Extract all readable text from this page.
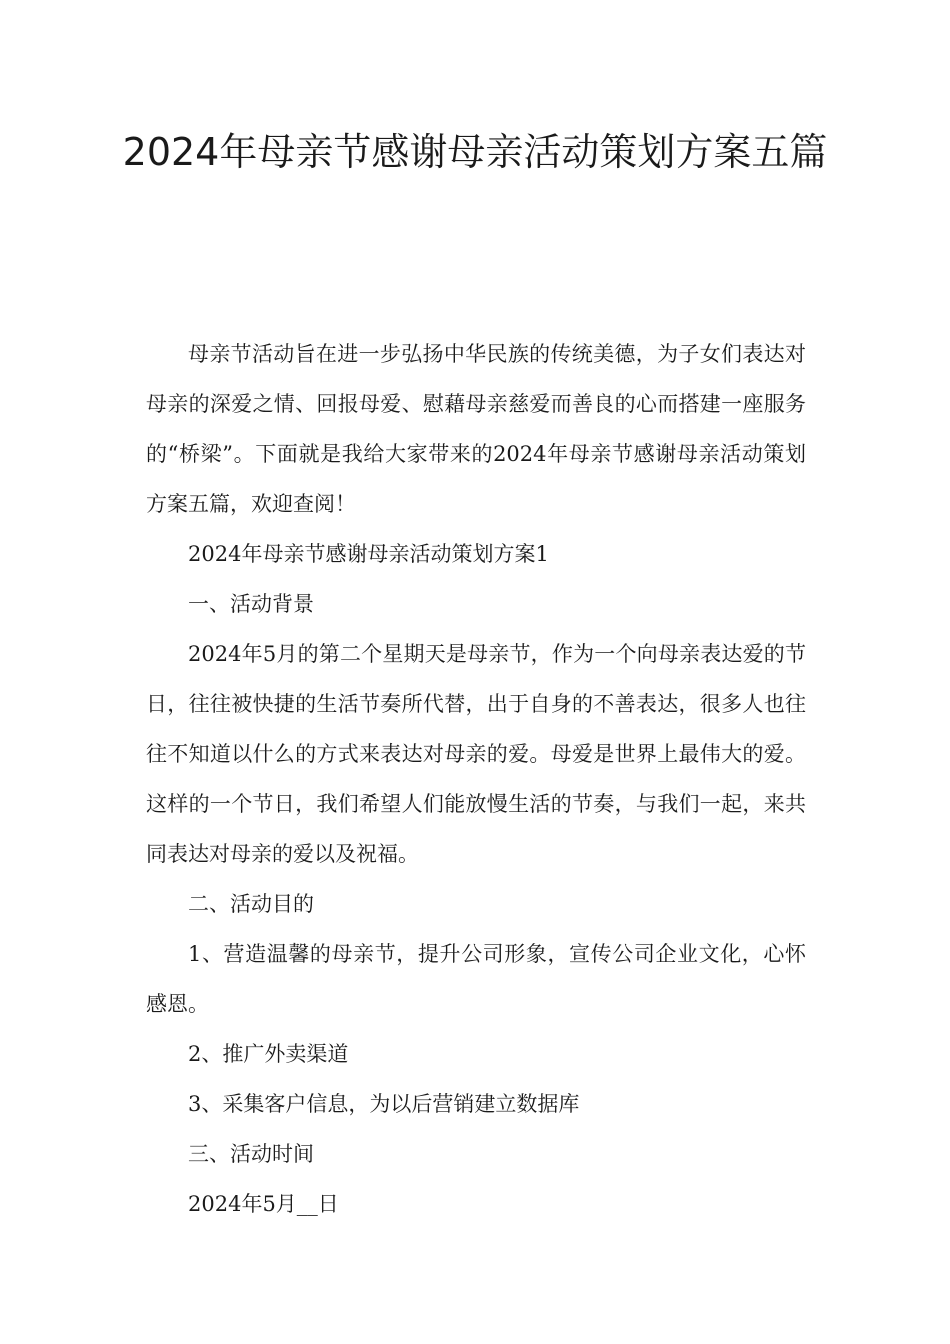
2024年母亲节感谢母亲活动策划方案五篇

母亲节活动旨在进一步弘扬中华民族的传统美德，为子女们表达对母亲的深爱之情、回报母爱、慰藉母亲慈爱而善良的心而搭建一座服务的“桥梁”。下面就是我给大家带来的2024年母亲节感谢母亲活动策划方案五篇，欢迎查阅！

2024年母亲节感谢母亲活动策划方案1

一、活动背景

2024年5月的第二个星期天是母亲节，作为一个向母亲表达爱的节日，往往被快捷的生活节奏所代替，出于自身的不善表达，很多人也往往不知道以什么的方式来表达对母亲的爱。母爱是世界上最伟大的爱。这样的一个节日，我们希望人们能放慢生活的节奏，与我们一起，来共同表达对母亲的爱以及祝福。

二、活动目的

1、营造温馨的母亲节，提升公司形象，宣传公司企业文化，心怀感恩。

2、推广外卖渠道

3、采集客户信息，为以后营销建立数据库

三、活动时间

2024年5月__日
